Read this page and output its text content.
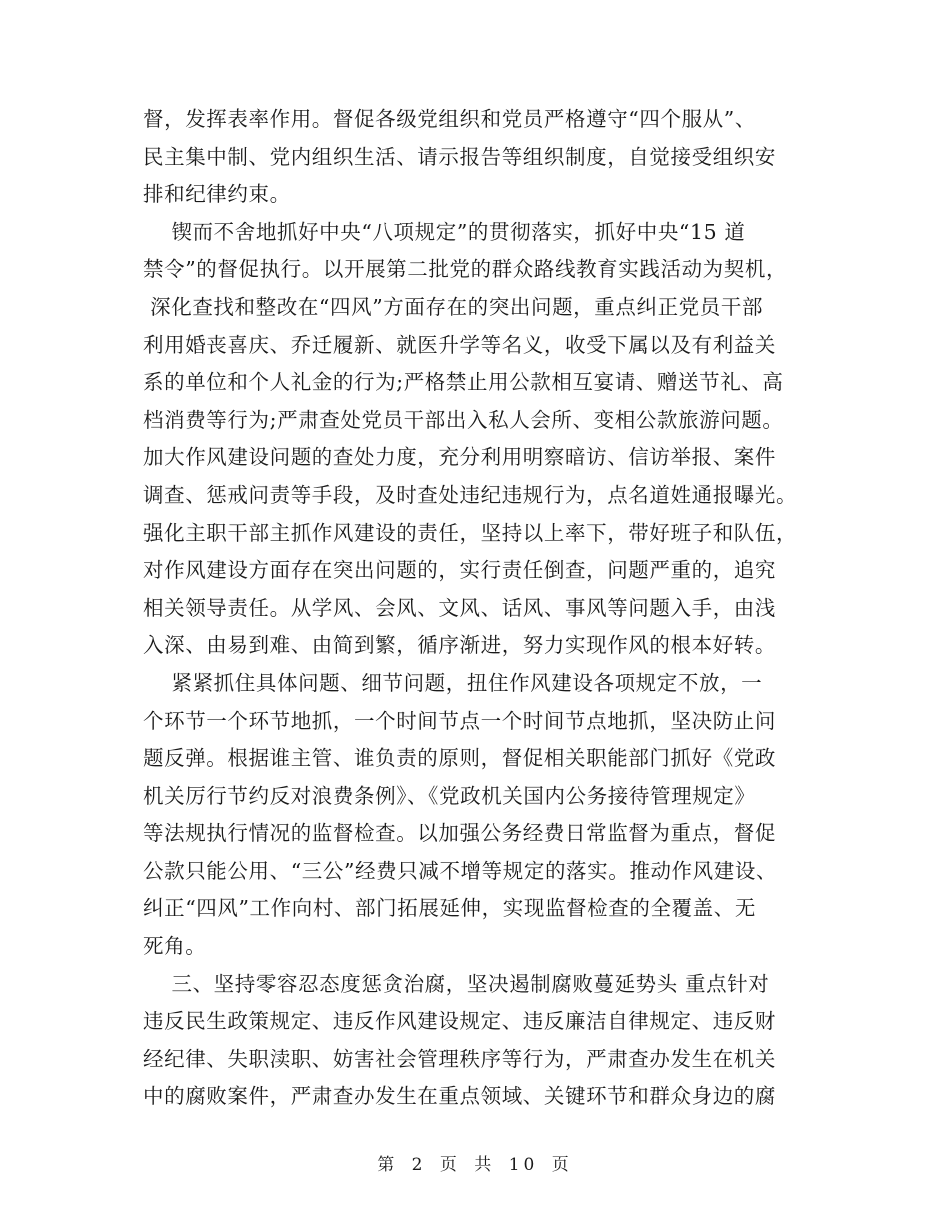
督，发挥表率作用。督促各级党组织和党员严格遵守“四个服从”、
民主集中制、党内组织生活、请示报告等组织制度，自觉接受组织安
排和纪律约束。
锲而不舍地抓好中央“八项规定”的贯彻落实，抓好中央“15 道
禁令”的督促执行。以开展第二批党的群众路线教育实践活动为契机，
深化查找和整改在“四风”方面存在的突出问题，重点纠正党员干部
利用婚丧喜庆、乔迁履新、就医升学等名义，收受下属以及有利益关
系的单位和个人礼金的行为;严格禁止用公款相互宴请、赠送节礼、高
档消费等行为;严肃查处党员干部出入私人会所、变相公款旅游问题。
加大作风建设问题的查处力度，充分利用明察暗访、信访举报、案件
调查、惩戒问责等手段，及时查处违纪违规行为，点名道姓通报曝光。
强化主职干部主抓作风建设的责任，坚持以上率下，带好班子和队伍，
对作风建设方面存在突出问题的，实行责任倒查，问题严重的，追究
相关领导责任。从学风、会风、文风、话风、事风等问题入手，由浅
入深、由易到难、由简到繁，循序渐进，努力实现作风的根本好转。
紧紧抓住具体问题、细节问题，扭住作风建设各项规定不放，一
个环节一个环节地抓，一个时间节点一个时间节点地抓，坚决防止问
题反弹。根据谁主管、谁负责的原则，督促相关职能部门抓好《党政
机关厉行节约反对浪费条例》、《党政机关国内公务接待管理规定》
等法规执行情况的监督检查。以加强公务经费日常监督为重点，督促
公款只能公用、“三公”经费只减不增等规定的落实。推动作风建设、
纠正“四风”工作向村、部门拓展延伸，实现监督检查的全覆盖、无
死角。
三、坚持零容忍态度惩贪治腐，坚决遏制腐败蔓延势头 重点针对
违反民生政策规定、违反作风建设规定、违反廉洁自律规定、违反财
经纪律、失职渎职、妨害社会管理秩序等行为，严肃查办发生在机关
中的腐败案件，严肃查办发生在重点领域、关键环节和群众身边的腐
第 2 页 共 10 页
